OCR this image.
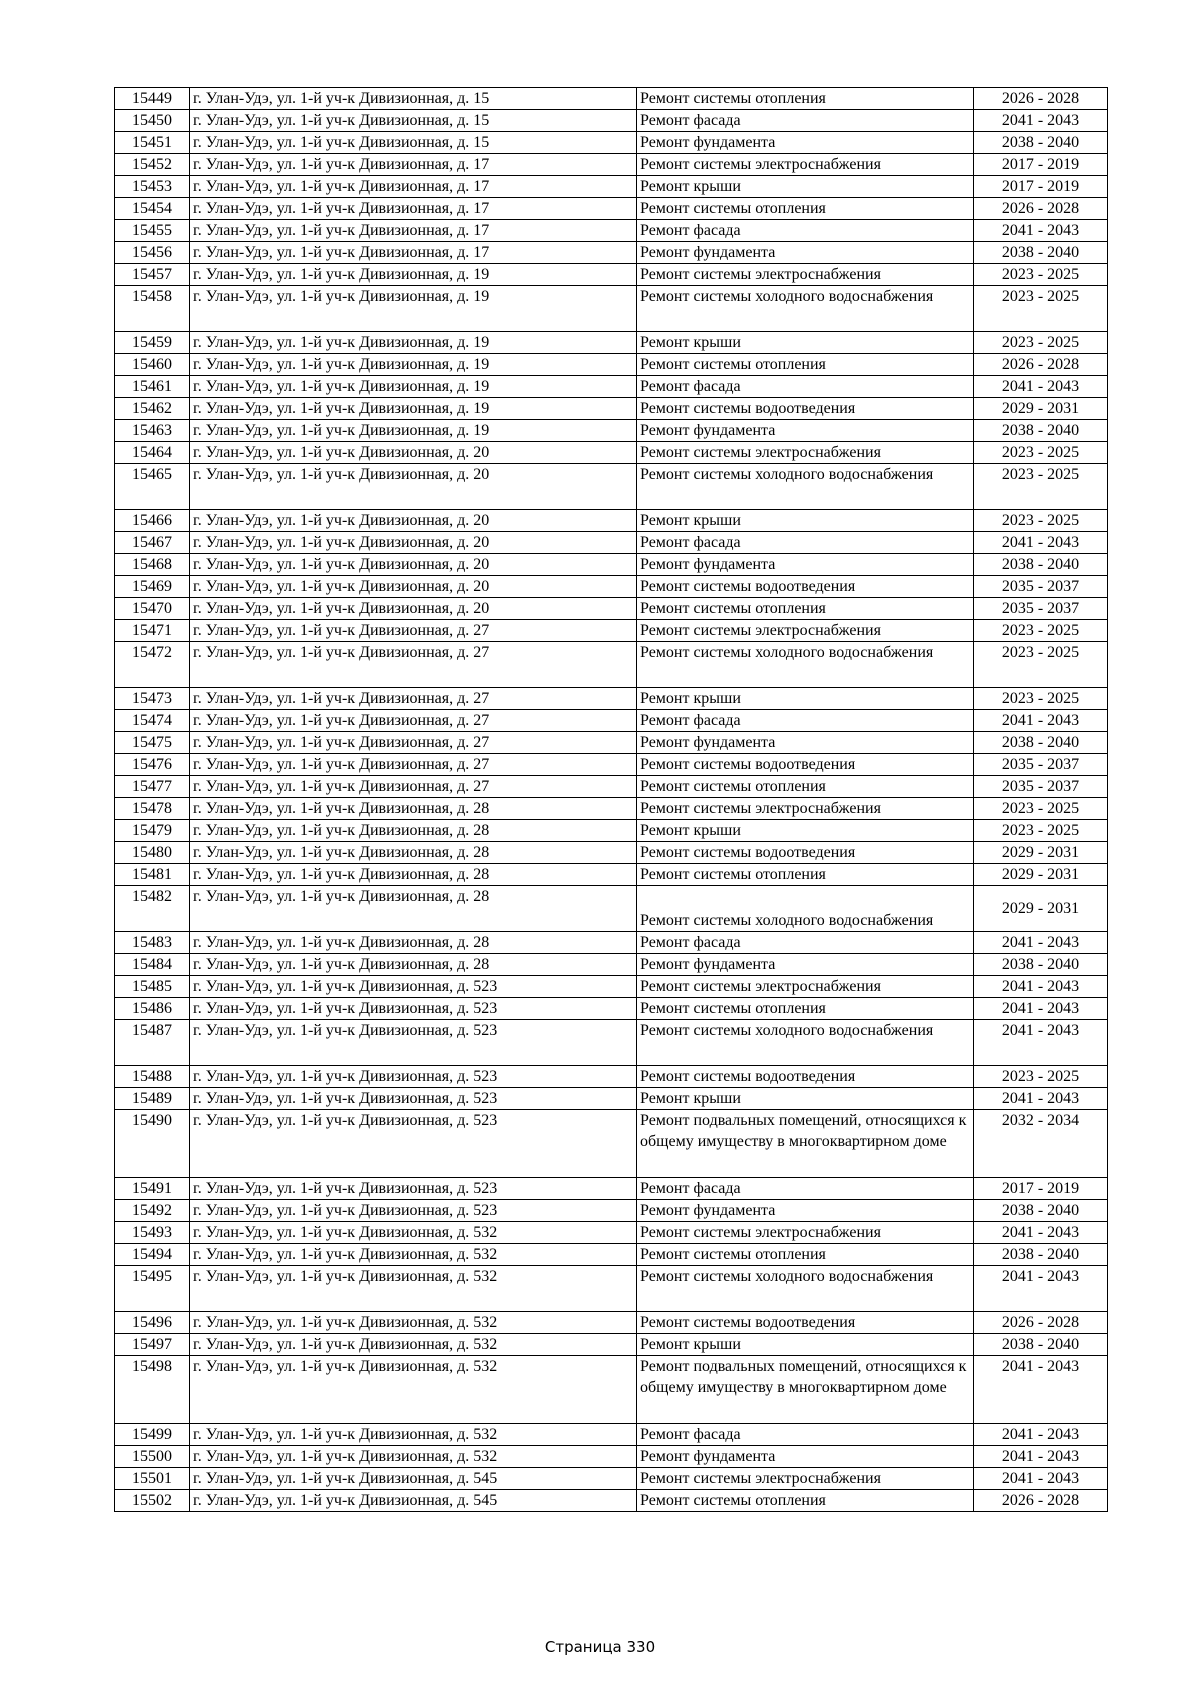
15449	г. Улан-Удэ, ул. 1-й уч-к Дивизионная, д. 15	Ремонт системы отопления	2026 - 2028
15450	г. Улан-Удэ, ул. 1-й уч-к Дивизионная, д. 15	Ремонт фасада	2041 - 2043
15451	г. Улан-Удэ, ул. 1-й уч-к Дивизионная, д. 15	Ремонт фундамента	2038 - 2040
15452	г. Улан-Удэ, ул. 1-й уч-к Дивизионная, д. 17	Ремонт системы электроснабжения	2017 - 2019
15453	г. Улан-Удэ, ул. 1-й уч-к Дивизионная, д. 17	Ремонт крыши	2017 - 2019
15454	г. Улан-Удэ, ул. 1-й уч-к Дивизионная, д. 17	Ремонт системы отопления	2026 - 2028
15455	г. Улан-Удэ, ул. 1-й уч-к Дивизионная, д. 17	Ремонт фасада	2041 - 2043
15456	г. Улан-Удэ, ул. 1-й уч-к Дивизионная, д. 17	Ремонт фундамента	2038 - 2040
15457	г. Улан-Удэ, ул. 1-й уч-к Дивизионная, д. 19	Ремонт системы электроснабжения	2023 - 2025
15458	г. Улан-Удэ, ул. 1-й уч-к Дивизионная, д. 19	Ремонт системы холодного водоснабжения	2023 - 2025
15459	г. Улан-Удэ, ул. 1-й уч-к Дивизионная, д. 19	Ремонт крыши	2023 - 2025
15460	г. Улан-Удэ, ул. 1-й уч-к Дивизионная, д. 19	Ремонт системы отопления	2026 - 2028
15461	г. Улан-Удэ, ул. 1-й уч-к Дивизионная, д. 19	Ремонт фасада	2041 - 2043
15462	г. Улан-Удэ, ул. 1-й уч-к Дивизионная, д. 19	Ремонт системы водоотведения	2029 - 2031
15463	г. Улан-Удэ, ул. 1-й уч-к Дивизионная, д. 19	Ремонт фундамента	2038 - 2040
15464	г. Улан-Удэ, ул. 1-й уч-к Дивизионная, д. 20	Ремонт системы электроснабжения	2023 - 2025
15465	г. Улан-Удэ, ул. 1-й уч-к Дивизионная, д. 20	Ремонт системы холодного водоснабжения	2023 - 2025
15466	г. Улан-Удэ, ул. 1-й уч-к Дивизионная, д. 20	Ремонт крыши	2023 - 2025
15467	г. Улан-Удэ, ул. 1-й уч-к Дивизионная, д. 20	Ремонт фасада	2041 - 2043
15468	г. Улан-Удэ, ул. 1-й уч-к Дивизионная, д. 20	Ремонт фундамента	2038 - 2040
15469	г. Улан-Удэ, ул. 1-й уч-к Дивизионная, д. 20	Ремонт системы водоотведения	2035 - 2037
15470	г. Улан-Удэ, ул. 1-й уч-к Дивизионная, д. 20	Ремонт системы отопления	2035 - 2037
15471	г. Улан-Удэ, ул. 1-й уч-к Дивизионная, д. 27	Ремонт системы электроснабжения	2023 - 2025
15472	г. Улан-Удэ, ул. 1-й уч-к Дивизионная, д. 27	Ремонт системы холодного водоснабжения	2023 - 2025
15473	г. Улан-Удэ, ул. 1-й уч-к Дивизионная, д. 27	Ремонт крыши	2023 - 2025
15474	г. Улан-Удэ, ул. 1-й уч-к Дивизионная, д. 27	Ремонт фасада	2041 - 2043
15475	г. Улан-Удэ, ул. 1-й уч-к Дивизионная, д. 27	Ремонт фундамента	2038 - 2040
15476	г. Улан-Удэ, ул. 1-й уч-к Дивизионная, д. 27	Ремонт системы водоотведения	2035 - 2037
15477	г. Улан-Удэ, ул. 1-й уч-к Дивизионная, д. 27	Ремонт системы отопления	2035 - 2037
15478	г. Улан-Удэ, ул. 1-й уч-к Дивизионная, д. 28	Ремонт системы электроснабжения	2023 - 2025
15479	г. Улан-Удэ, ул. 1-й уч-к Дивизионная, д. 28	Ремонт крыши	2023 - 2025
15480	г. Улан-Удэ, ул. 1-й уч-к Дивизионная, д. 28	Ремонт системы водоотведения	2029 - 2031
15481	г. Улан-Удэ, ул. 1-й уч-к Дивизионная, д. 28	Ремонт системы отопления	2029 - 2031
15482	г. Улан-Удэ, ул. 1-й уч-к Дивизионная, д. 28	Ремонт системы холодного водоснабжения	2029 - 2031
15483	г. Улан-Удэ, ул. 1-й уч-к Дивизионная, д. 28	Ремонт фасада	2041 - 2043
15484	г. Улан-Удэ, ул. 1-й уч-к Дивизионная, д. 28	Ремонт фундамента	2038 - 2040
15485	г. Улан-Удэ, ул. 1-й уч-к Дивизионная, д. 523	Ремонт системы электроснабжения	2041 - 2043
15486	г. Улан-Удэ, ул. 1-й уч-к Дивизионная, д. 523	Ремонт системы отопления	2041 - 2043
15487	г. Улан-Удэ, ул. 1-й уч-к Дивизионная, д. 523	Ремонт системы холодного водоснабжения	2041 - 2043
15488	г. Улан-Удэ, ул. 1-й уч-к Дивизионная, д. 523	Ремонт системы водоотведения	2023 - 2025
15489	г. Улан-Удэ, ул. 1-й уч-к Дивизионная, д. 523	Ремонт крыши	2041 - 2043
15490	г. Улан-Удэ, ул. 1-й уч-к Дивизионная, д. 523	Ремонт подвальных помещений, относящихся к общему имуществу в многоквартирном доме	2032 - 2034
15491	г. Улан-Удэ, ул. 1-й уч-к Дивизионная, д. 523	Ремонт фасада	2017 - 2019
15492	г. Улан-Удэ, ул. 1-й уч-к Дивизионная, д. 523	Ремонт фундамента	2038 - 2040
15493	г. Улан-Удэ, ул. 1-й уч-к Дивизионная, д. 532	Ремонт системы электроснабжения	2041 - 2043
15494	г. Улан-Удэ, ул. 1-й уч-к Дивизионная, д. 532	Ремонт системы отопления	2038 - 2040
15495	г. Улан-Удэ, ул. 1-й уч-к Дивизионная, д. 532	Ремонт системы холодного водоснабжения	2041 - 2043
15496	г. Улан-Удэ, ул. 1-й уч-к Дивизионная, д. 532	Ремонт системы водоотведения	2026 - 2028
15497	г. Улан-Удэ, ул. 1-й уч-к Дивизионная, д. 532	Ремонт крыши	2038 - 2040
15498	г. Улан-Удэ, ул. 1-й уч-к Дивизионная, д. 532	Ремонт подвальных помещений, относящихся к общему имуществу в многоквартирном доме	2041 - 2043
15499	г. Улан-Удэ, ул. 1-й уч-к Дивизионная, д. 532	Ремонт фасада	2041 - 2043
15500	г. Улан-Удэ, ул. 1-й уч-к Дивизионная, д. 532	Ремонт фундамента	2041 - 2043
15501	г. Улан-Удэ, ул. 1-й уч-к Дивизионная, д. 545	Ремонт системы электроснабжения	2041 - 2043
15502	г. Улан-Удэ, ул. 1-й уч-к Дивизионная, д. 545	Ремонт системы отопления	2026 - 2028
Страница 330
